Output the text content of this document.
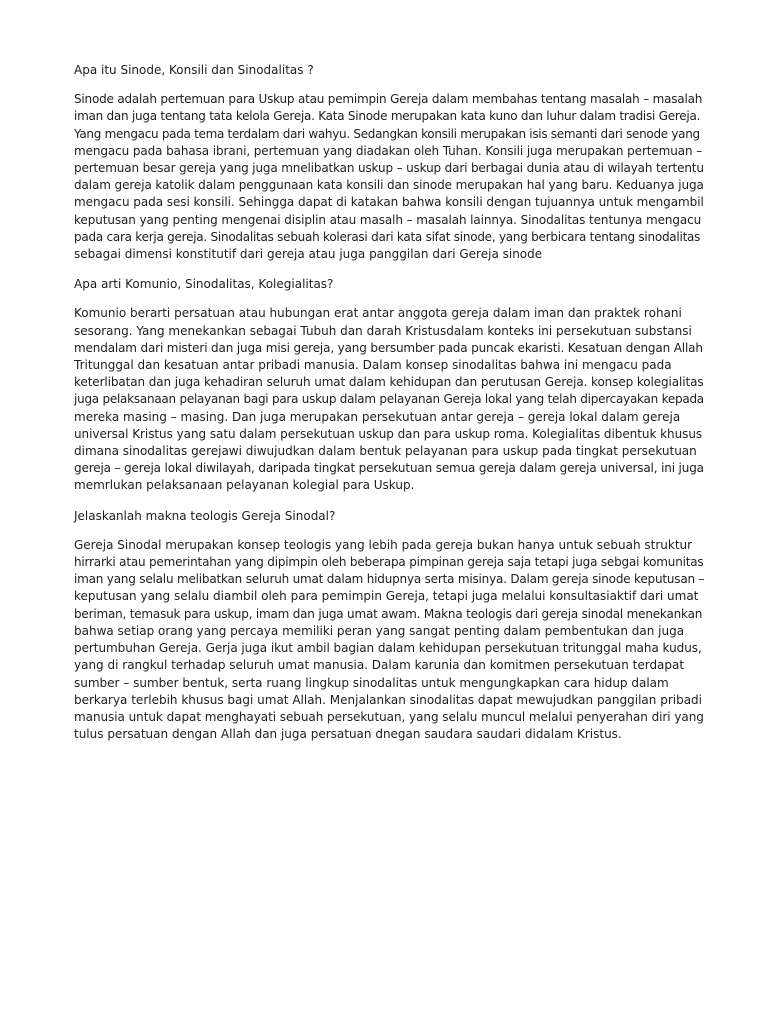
Apa itu Sinode, Konsili dan Sinodalitas ?

Sinode adalah pertemuan para Uskup atau pemimpin Gereja dalam membahas tentang masalah – masalah
iman dan juga tentang tata kelola Gereja. Kata Sinode merupakan kata kuno dan luhur dalam tradisi Gereja.
Yang mengacu pada tema terdalam dari wahyu. Sedangkan konsili merupakan isis semanti dari senode yang
mengacu pada bahasa ibrani, pertemuan yang diadakan oleh Tuhan. Konsili juga merupakan pertemuan –
pertemuan besar gereja yang juga mnelibatkan uskup – uskup dari berbagai dunia atau di wilayah tertentu
dalam gereja katolik dalam penggunaan kata konsili dan sinode merupakan hal yang baru. Keduanya juga
mengacu pada sesi konsili. Sehingga dapat di katakan bahwa konsili dengan tujuannya untuk mengambil
keputusan yang penting mengenai disiplin atau masalh – masalah lainnya. Sinodalitas tentunya mengacu
pada cara kerja gereja. Sinodalitas sebuah kolerasi dari kata sifat sinode, yang berbicara tentang sinodalitas
sebagai dimensi konstitutif dari gereja atau juga panggilan dari Gereja sinode

Apa arti Komunio, Sinodalitas, Kolegialitas?

Komunio berarti persatuan atau hubungan erat antar anggota gereja dalam iman dan praktek rohani
sesorang. Yang menekankan sebagai Tubuh dan darah Kristusdalam konteks ini persekutuan substansi
mendalam dari misteri dan juga misi gereja, yang bersumber pada puncak ekaristi. Kesatuan dengan Allah
Tritunggal dan kesatuan antar pribadi manusia. Dalam konsep sinodalitas bahwa ini mengacu pada
keterlibatan dan juga kehadiran seluruh umat dalam kehidupan dan perutusan Gereja. konsep kolegialitas
juga pelaksanaan pelayanan bagi para uskup dalam pelayanan Gereja lokal yang telah dipercayakan kepada
mereka masing – masing. Dan juga merupakan persekutuan antar gereja – gereja lokal dalam gereja
universal Kristus yang satu dalam persekutuan uskup dan para uskup roma. Kolegialitas dibentuk khusus
dimana sinodalitas gerejawi diwujudkan dalam bentuk pelayanan para uskup pada tingkat persekutuan
gereja – gereja lokal diwilayah, daripada tingkat persekutuan semua gereja dalam gereja universal, ini juga
memrlukan pelaksanaan pelayanan kolegial para Uskup.

Jelaskanlah makna teologis Gereja Sinodal?

Gereja Sinodal merupakan konsep teologis yang lebih pada gereja bukan hanya untuk sebuah struktur
hirrarki atau pemerintahan yang dipimpin oleh beberapa pimpinan gereja saja tetapi juga sebgai komunitas
iman yang selalu melibatkan seluruh umat dalam hidupnya serta misinya. Dalam gereja sinode keputusan –
keputusan yang selalu diambil oleh para pemimpin Gereja, tetapi juga melalui konsultasiaktif dari umat
beriman, temasuk para uskup, imam dan juga umat awam. Makna teologis dari gereja sinodal menekankan
bahwa setiap orang yang percaya memiliki peran yang sangat penting dalam pembentukan dan juga
pertumbuhan Gereja. Gerja juga ikut ambil bagian dalam kehidupan persekutuan tritunggal maha kudus,
yang di rangkul terhadap seluruh umat manusia. Dalam karunia dan komitmen persekutuan terdapat
sumber – sumber bentuk, serta ruang lingkup sinodalitas untuk mengungkapkan cara hidup dalam
berkarya terlebih khusus bagi umat Allah. Menjalankan sinodalitas dapat mewujudkan panggilan pribadi
manusia untuk dapat menghayati sebuah persekutuan, yang selalu muncul melalui penyerahan diri yang
tulus persatuan dengan Allah dan juga persatuan dnegan saudara saudari didalam Kristus.
